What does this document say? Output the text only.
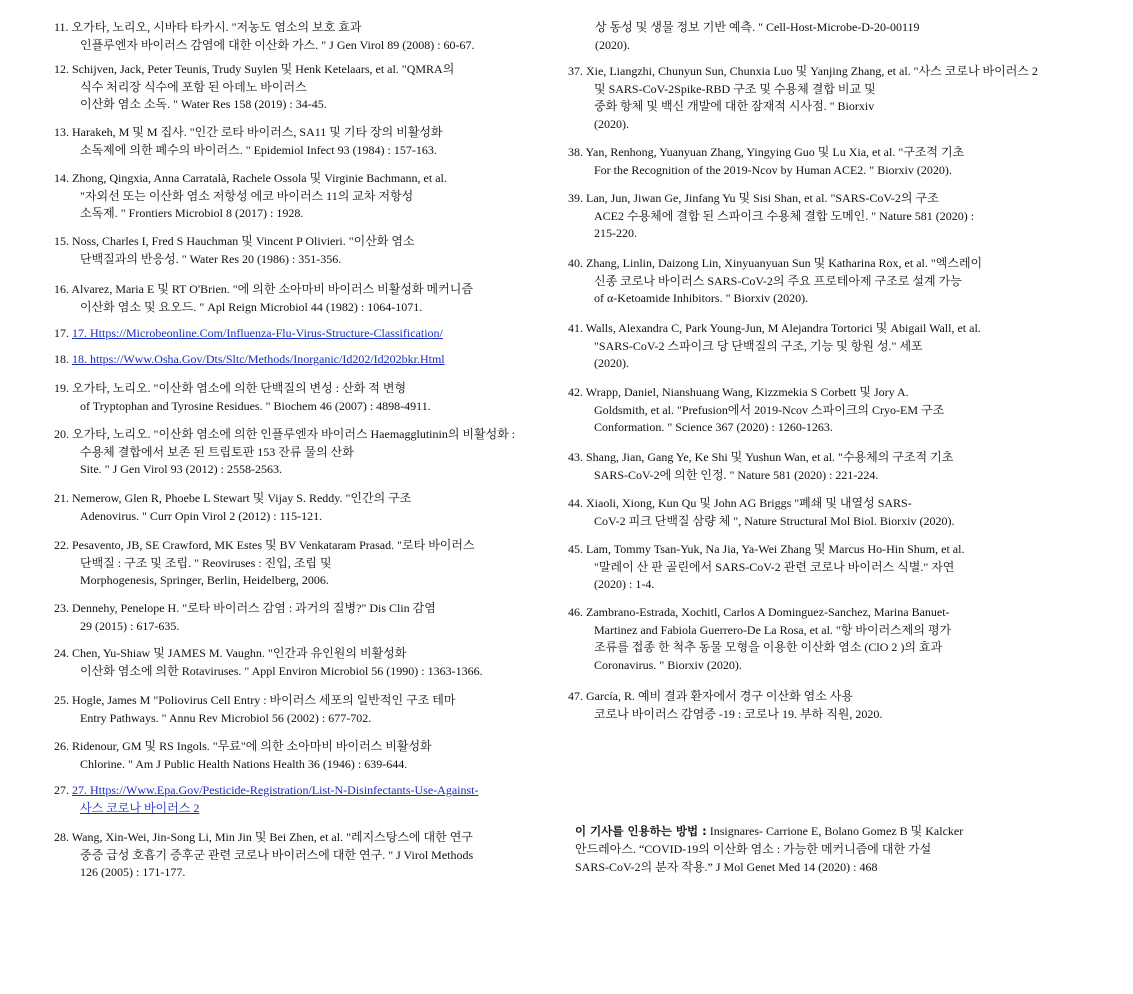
11. 오가타, 노리오, 시바타 타카시. "저농도 염소의 보호 효과
인플루엔자 바이러스 감염에 대한 이산화 가스. " J Gen Virol 89 (2008) : 60-67.
12. Schijven, Jack, Peter Teunis, Trudy Suylen 및 Henk Ketelaars, et al. "QMRA의
식수 처리장 식수에 포함 된 아데노 바이러스
이산화 염소 소독. " Water Res 158 (2019) : 34-45.
13. Harakeh, M 및 M 집사. "인간 로타 바이러스, SA11 및 기타 장의 비활성화
소독제에 의한 폐수의 바이러스. " Epidemiol Infect 93 (1984) : 157-163.
14. Zhong, Qingxia, Anna Carratalà, Rachele Ossola 및 Virginie Bachmann, et al.
"자외선 또는 이산화 염소 저항성 에코 바이러스 11의 교차 저항성
소독제. " Frontiers Microbiol 8 (2017) : 1928.
15. Noss, Charles I, Fred S Hauchman 및 Vincent P Olivieri. "이산화 염소
단백질과의 반응성. " Water Res 20 (1986) : 351-356.
16. Alvarez, Maria E 및 RT O'Brien. "에 의한 소아마비 바이러스 비활성화 메커니즘
이산화 염소 및 요오드. " Apl Reign Microbiol 44 (1982) : 1064-1071.
17. 17. Https://Microbeonline.Com/Influenza-Flu-Virus-Structure-Classification/
18. 18. https://Www.Osha.Gov/Dts/Sltc/Methods/Inorganic/Id202/Id202bkr.Html
19. 오가타, 노리오. "이산화 염소에 의한 단백질의 변성 : 산화 적 변형
of Tryptophan and Tyrosine Residues. " Biochem 46 (2007) : 4898-4911.
20. 오가타, 노리오. "이산화 염소에 의한 인플루엔자 바이러스 Haemagglutinin의 비활성화 :
수용체 결합에서 보존 된 트립토판 153 잔류 물의 산화
Site. " J Gen Virol 93 (2012) : 2558-2563.
21. Nemerow, Glen R, Phoebe L Stewart 및 Vijay S. Reddy. "인간의 구조
Adenovirus. " Curr Opin Virol 2 (2012) : 115-121.
22. Pesavento, JB, SE Crawford, MK Estes 및 BV Venkataram Prasad. "로타 바이러스
단백질 : 구조 및 조립. " Reoviruses : 진입, 조립 및
Morphogenesis, Springer, Berlin, Heidelberg, 2006.
23. Dennehy, Penelope H. "로타 바이러스 감염 : 과거의 질병?" Dis Clin 감염
29 (2015) : 617-635.
24. Chen, Yu-Shiaw 및 JAMES M. Vaughn. "인간과 유인원의 비활성화
이산화 염소에 의한 Rotaviruses. " Appl Environ Microbiol 56 (1990) : 1363-1366.
25. Hogle, James M "Poliovirus Cell Entry : 바이러스 세포의 일반적인 구조 테마
Entry Pathways. " Annu Rev Microbiol 56 (2002) : 677-702.
26. Ridenour, GM 및 RS Ingols. "무료"에 의한 소아마비 바이러스 비활성화
Chlorine. " Am J Public Health Nations Health 36 (1946) : 639-644.
27. 27. Https://Www.Epa.Gov/Pesticide-Registration/List-N-Disinfectants-Use-Against-
사스 코로나 바이러스 2
28. Wang, Xin-Wei, Jin-Song Li, Min Jin 및 Bei Zhen, et al. "레지스탕스에 대한 연구
중증 급성 호흡기 증후군 관련 코로나 바이러스에 대한 연구. " J Virol Methods
126 (2005) : 171-177.
상 동성 및 생물 정보 기반 예측. " Cell-Host-Microbe-D-20-00119
(2020).
37. Xie, Liangzhi, Chunyun Sun, Chunxia Luo 및 Yanjing Zhang, et al. "사스 코로나 바이러스 2
및 SARS-CoV-2Spike-RBD 구조 및 수용체 결합 비교 및
중화 항체 및 백신 개발에 대한 잠재적 시사점. " Biorxiv
(2020).
38. Yan, Renhong, Yuanyuan Zhang, Yingying Guo 및 Lu Xia, et al. "구조적 기초
For the Recognition of the 2019-Ncov by Human ACE2. " Biorxiv (2020).
39. Lan, Jun, Jiwan Ge, Jinfang Yu 및 Sisi Shan, et al. "SARS-CoV-2의 구조
ACE2 수용체에 결합 된 스파이크 수용체 결합 도메인. " Nature 581 (2020) :
215-220.
40. Zhang, Linlin, Daizong Lin, Xinyuanyuan Sun 및 Katharina Rox, et al. "엑스레이
신종 코로나 바이러스 SARS-CoV-2의 주요 프로테아제 구조로 설계 가능
of α-Ketoamide Inhibitors. " Biorxiv (2020).
41. Walls, Alexandra C, Park Young-Jun, M Alejandra Tortorici 및 Abigail Wall, et al.
"SARS-CoV-2 스파이크 당 단백질의 구조, 기능 및 항원 성." 세포
(2020).
42. Wrapp, Daniel, Nianshuang Wang, Kizzmekia S Corbett 및 Jory A.
Goldsmith, et al. "Prefusion에서 2019-Ncov 스파이크의 Cryo-EM 구조
Conformation. " Science 367 (2020) : 1260-1263.
43. Shang, Jian, Gang Ye, Ke Shi 및 Yushun Wan, et al. "수용체의 구조적 기초
SARS-CoV-2에 의한 인정. " Nature 581 (2020) : 221-224.
44. Xiaoli, Xiong, Kun Qu 및 John AG Briggs "폐쇄 및 내열성 SARS-
CoV-2 피크 단백질 삼량 체 ", Nature Structural Mol Biol. Biorxiv (2020).
45. Lam, Tommy Tsan-Yuk, Na Jia, Ya-Wei Zhang 및 Marcus Ho-Hin Shum, et al.
"말레이 산 판 골린에서 SARS-CoV-2 관련 코로나 바이러스 식별." 자연
(2020) : 1-4.
46. Zambrano-Estrada, Xochitl, Carlos A Dominguez-Sanchez, Marina Banuet-
Martinez and Fabiola Guerrero-De La Rosa, et al. "항 바이러스제의 평가
조류를 접종 한 척추 동물 모형을 이용한 이산화 염소 (ClO 2 )의 효과
Coronavirus. " Biorxiv (2020).
47. García, R. 예비 결과 환자에서 경구 이산화 염소 사용
코로나 바이러스 감염증 -19 : 코로나 19. 부하 직원, 2020.
이 기사를 인용하는 방법 : Insignares- Carrione E, Bolano Gomez B 및 Kalcker
안드레아스. “COVID-19의 이산화 염소 : 가능한 메커니즘에 대한 가설
SARS-CoV-2의 분자 작용.” J Mol Genet Med 14 (2020) : 468
